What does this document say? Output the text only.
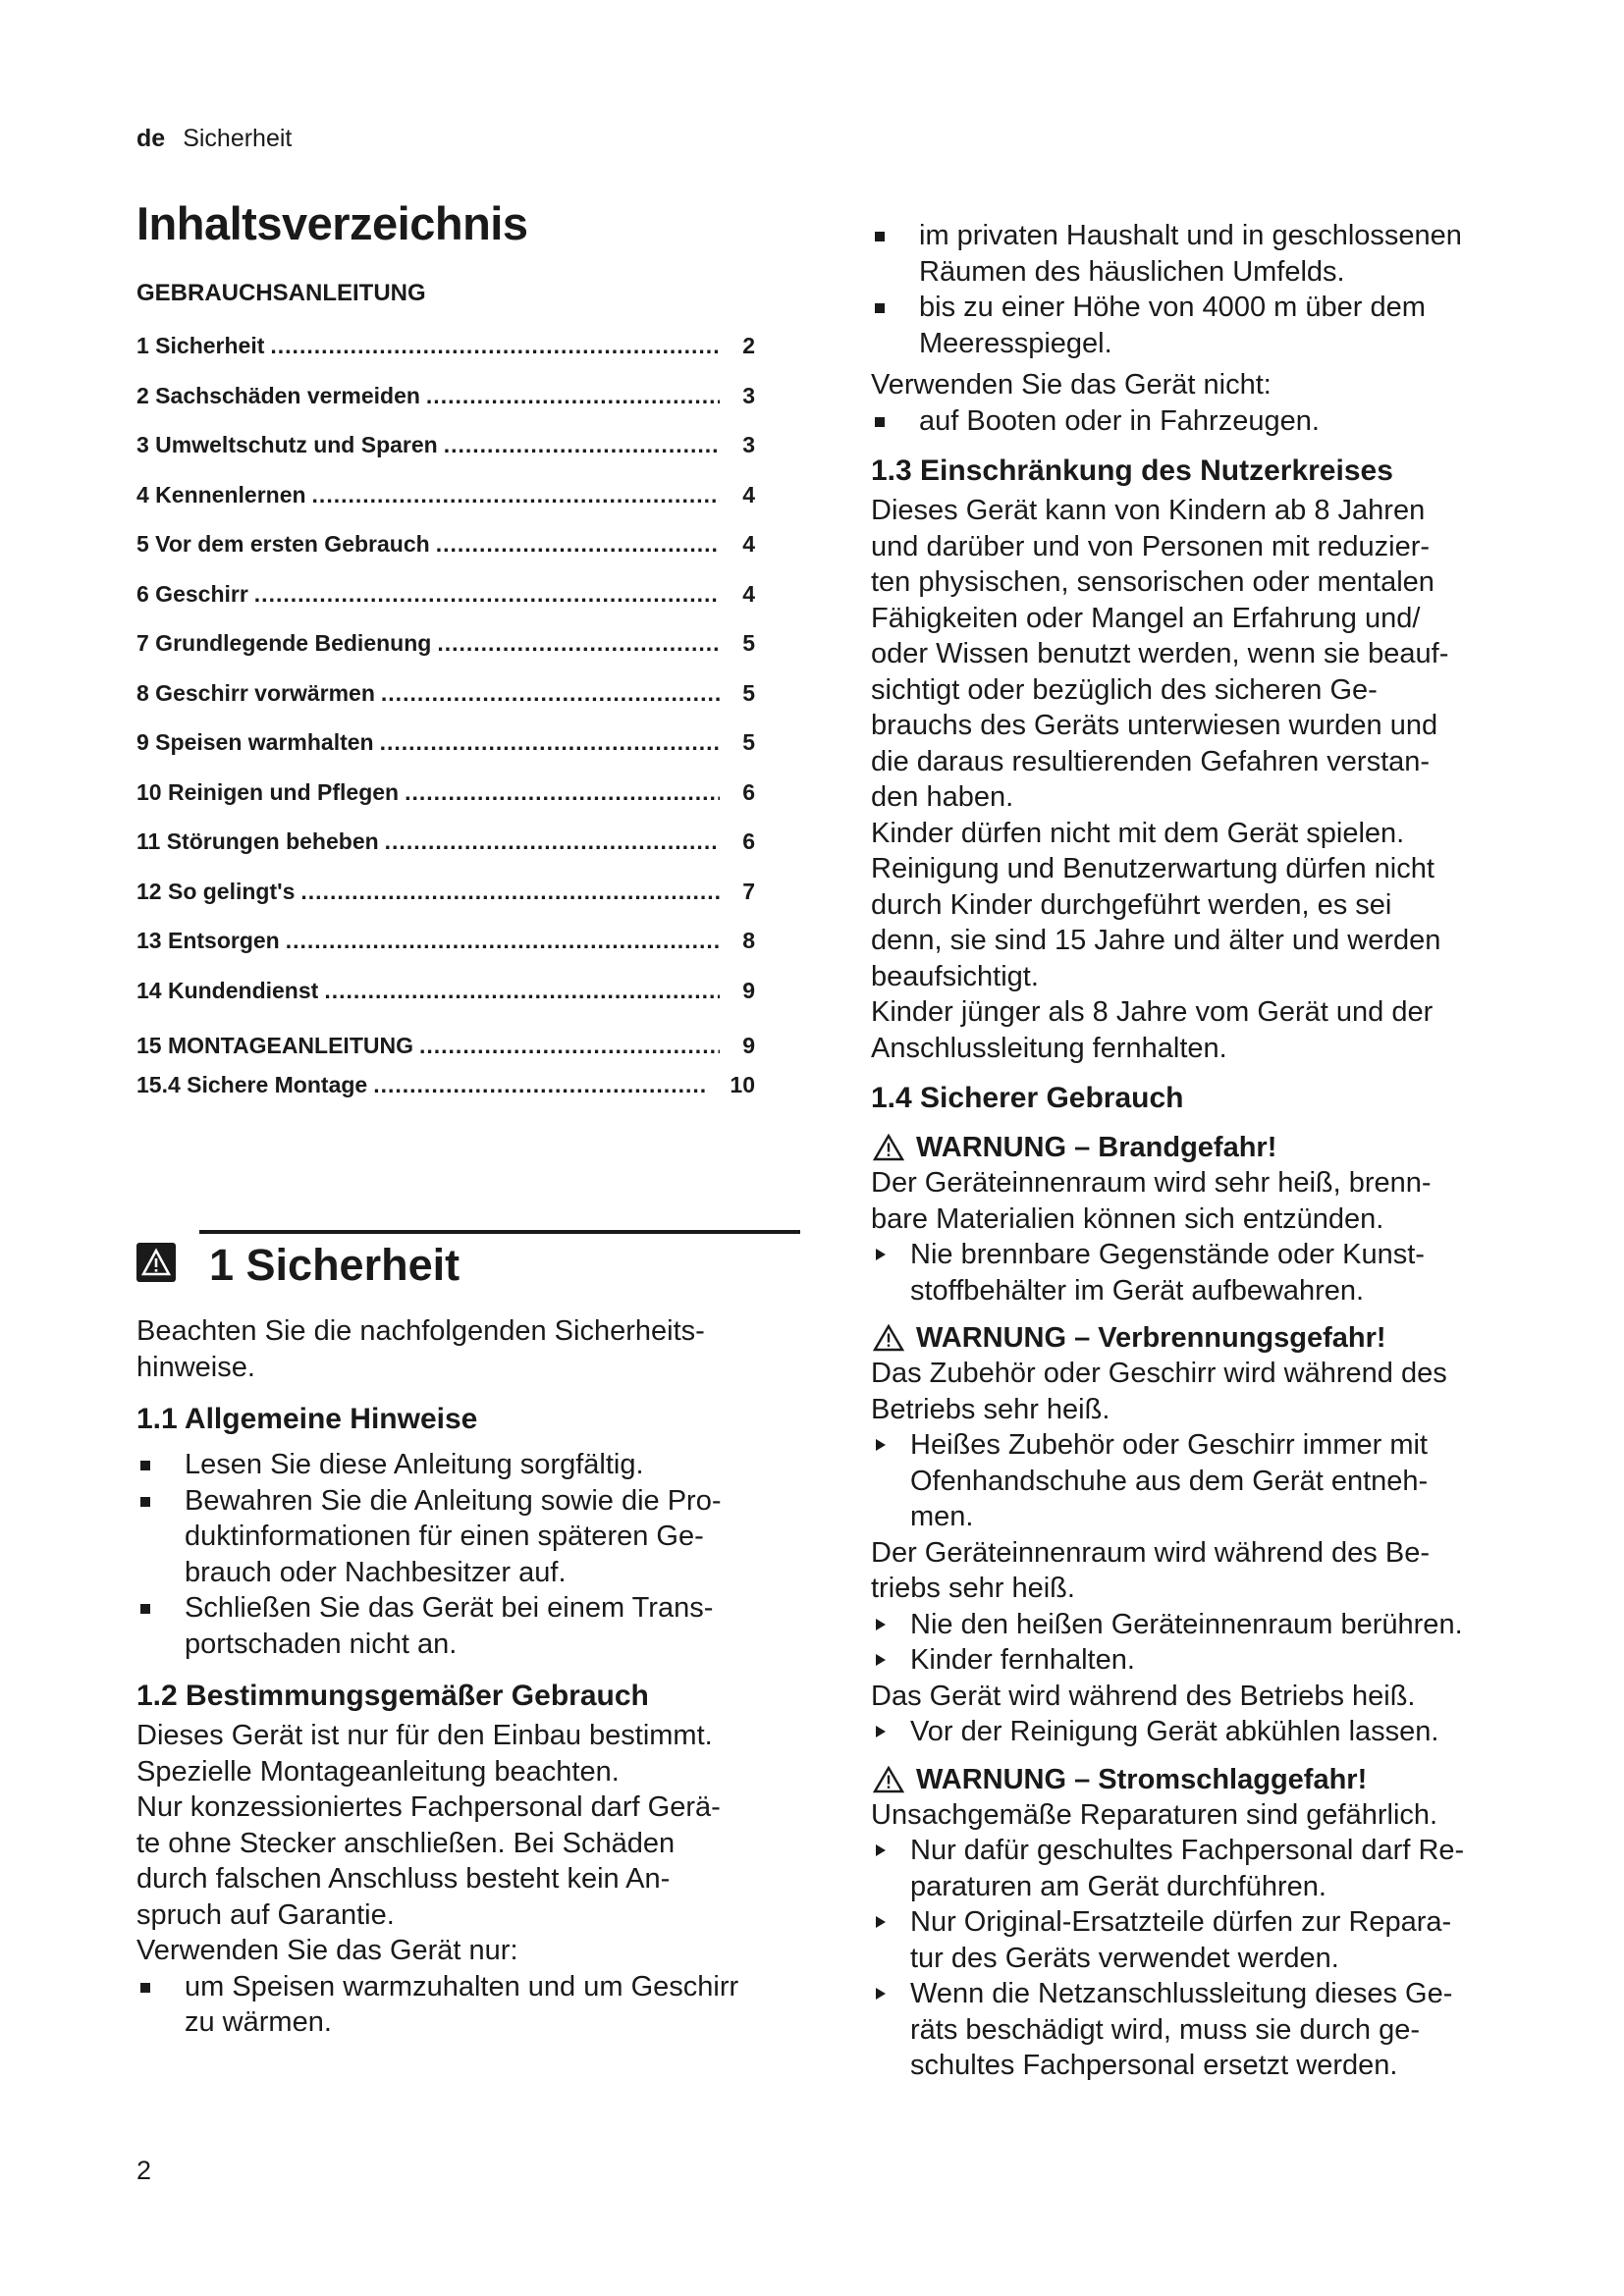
de Sicherheit
Inhaltsverzeichnis
GEBRAUCHSANLEITUNG
1 Sicherheit .....	2
2 Sachschäden vermeiden .....	3
3 Umweltschutz und Sparen .....	3
4 Kennenlernen .....	4
5 Vor dem ersten Gebrauch .....	4
6 Geschirr .....	4
7 Grundlegende Bedienung .....	5
8 Geschirr vorwärmen .....	5
9 Speisen warmhalten .....	5
10 Reinigen und Pflegen .....	6
11 Störungen beheben .....	6
12 So gelingt's .....	7
13 Entsorgen .....	8
14 Kundendienst .....	9
15 MONTAGEANLEITUNG .....	9
15.4 Sichere Montage .....	10
1 Sicherheit

Beachten Sie die nachfolgenden Sicherheits-

hinweise.

1.1 Allgemeine Hinweise
Lesen Sie diese Anleitung sorgfältig.
Bewahren Sie die Anleitung sowie die Pro-
duktinformationen für einen späteren Ge-
brauch oder Nachbesitzer auf.
Schließen Sie das Gerät bei einem Trans-
portschaden nicht an.
1.2 Bestimmungsgemäßer Gebrauch

Dieses Gerät ist nur für den Einbau bestimmt.

Spezielle Montageanleitung beachten.

Nur konzessioniertes Fachpersonal darf Gerä-

te ohne Stecker anschließen. Bei Schäden

durch falschen Anschluss besteht kein An-

spruch auf Garantie.

Verwenden Sie das Gerät nur:

um Speisen warmzuhalten und um Geschirr
zu wärmen.
im privaten Haushalt und in geschlossenen
Räumen des häuslichen Umfelds.
bis zu einer Höhe von 4000 m über dem
Meeresspiegel.

Verwenden Sie das Gerät nicht:

auf Booten oder in Fahrzeugen.
1.3 Einschränkung des Nutzerkreises

Dieses Gerät kann von Kindern ab 8 Jahren

und darüber und von Personen mit reduzier-

ten physischen, sensorischen oder mentalen

Fähigkeiten oder Mangel an Erfahrung und/

oder Wissen benutzt werden, wenn sie beauf-

sichtigt oder bezüglich des sicheren Ge-

brauchs des Geräts unterwiesen wurden und

die daraus resultierenden Gefahren verstan-

den haben.

Kinder dürfen nicht mit dem Gerät spielen.

Reinigung und Benutzerwartung dürfen nicht

durch Kinder durchgeführt werden, es sei

denn, sie sind 15 Jahre und älter und werden

beaufsichtigt.

Kinder jünger als 8 Jahre vom Gerät und der

Anschlussleitung fernhalten.

1.4 Sicherer Gebrauch
WARNUNG – Brandgefahr!

Der Geräteinnenraum wird sehr heiß, brenn-

bare Materialien können sich entzünden.

Nie brennbare Gegenstände oder Kunst-
stoffbehälter im Gerät aufbewahren.
WARNUNG – Verbrennungsgefahr!

Das Zubehör oder Geschirr wird während des

Betriebs sehr heiß.

Heißes Zubehör oder Geschirr immer mit
Ofenhandschuhe aus dem Gerät entneh-
men.

Der Geräteinnenraum wird während des Be-

triebs sehr heiß.

Nie den heißen Geräteinnenraum berühren.
Kinder fernhalten.

Das Gerät wird während des Betriebs heiß.

Vor der Reinigung Gerät abkühlen lassen.
WARNUNG – Stromschlaggefahr!

Unsachgemäße Reparaturen sind gefährlich.

Nur dafür geschultes Fachpersonal darf Re-
paraturen am Gerät durchführen.
Nur Original-Ersatzteile dürfen zur Repara-
tur des Geräts verwendet werden.
Wenn die Netzanschlussleitung dieses Ge-
räts beschädigt wird, muss sie durch ge-
schultes Fachpersonal ersetzt werden.
2
